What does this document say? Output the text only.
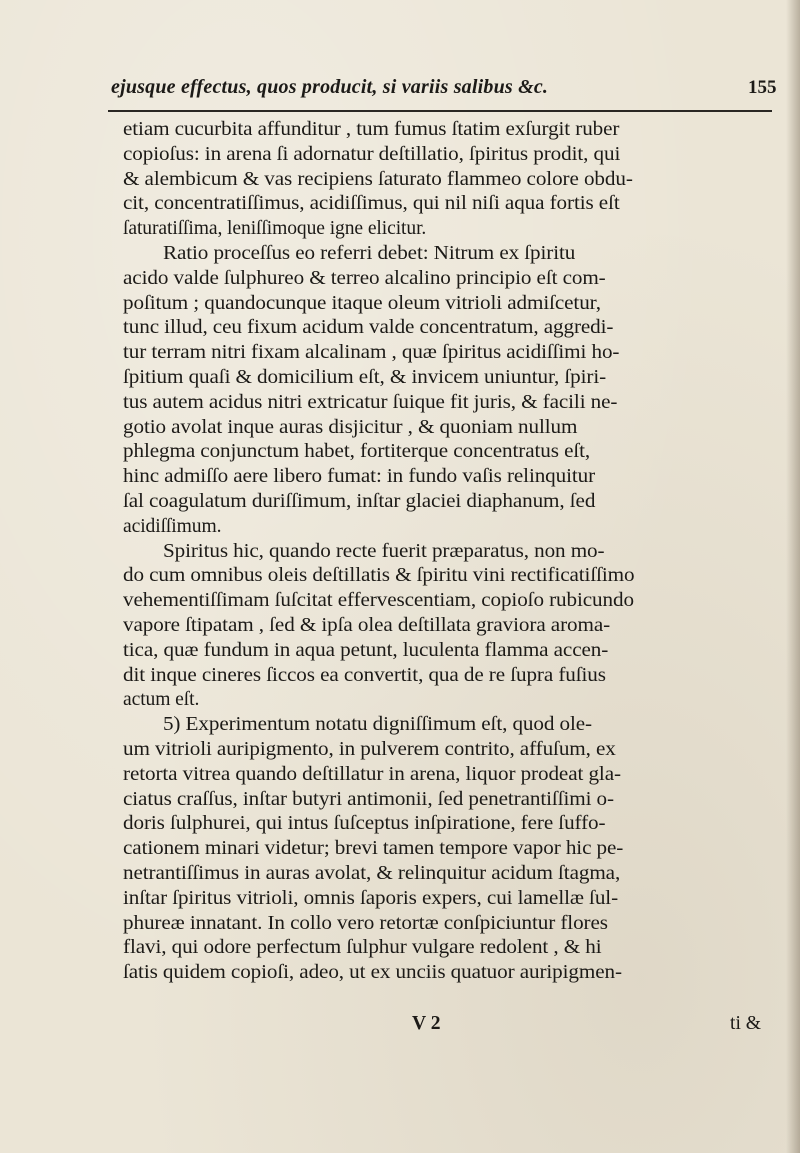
ejusque effectus, quos producit, si variis salibus &c.	155
etiam cucurbita affunditur , tum fumus ſtatim exſurgit ruber
copioſus: in arena ſi adornatur deſtillatio, ſpiritus prodit, qui
& alembicum & vas recipiens ſaturato flammeo colore obdu-
cit, concentratiſſimus, acidiſſimus, qui nil niſi aqua fortis eſt
ſaturatiſſima, leniſſimoque igne elicitur.
Ratio proceſſus eo referri debet: Nitrum ex ſpiritu
acido valde ſulphureo & terreo alcalino principio eſt com-
poſitum ; quandocunque itaque oleum vitrioli admiſcetur,
tunc illud, ceu fixum acidum valde concentratum, aggredi-
tur terram nitri fixam alcalinam , quæ ſpiritus acidiſſimi ho-
ſpitium quaſi & domicilium eſt, & invicem uniuntur, ſpiri-
tus autem acidus nitri extricatur ſuique fit juris, & facili ne-
gotio avolat inque auras disjicitur , & quoniam nullum
phlegma conjunctum habet, fortiterque concentratus eſt,
hinc admiſſo aere libero fumat: in fundo vaſis relinquitur
ſal coagulatum duriſſimum, inſtar glaciei diaphanum, ſed
acidiſſimum.
Spiritus hic, quando recte fuerit præparatus, non mo-
do cum omnibus oleis deſtillatis & ſpiritu vini rectificatiſſimo
vehementiſſimam ſuſcitat effervescentiam, copioſo rubicundo
vapore ſtipatam , ſed & ipſa olea deſtillata graviora aroma-
tica, quæ fundum in aqua petunt, luculenta flamma accen-
dit inque cineres ſiccos ea convertit, qua de re ſupra fuſius
actum eſt.
5) Experimentum notatu digniſſimum eſt, quod ole-
um vitrioli auripigmento, in pulverem contrito, affuſum, ex
retorta vitrea quando deſtillatur in arena, liquor prodeat gla-
ciatus craſſus, inſtar butyri antimonii, ſed penetrantiſſimi o-
doris ſulphurei, qui intus ſuſceptus inſpiratione, fere ſuffo-
cationem minari videtur; brevi tamen tempore vapor hic pe-
netrantiſſimus in auras avolat, & relinquitur acidum ſtagma,
inſtar ſpiritus vitrioli, omnis ſaporis expers, cui lamellæ ſul-
phureæ innatant. In collo vero retortæ conſpiciuntur flores
flavi, qui odore perfectum ſulphur vulgare redolent , & hi
ſatis quidem copioſi, adeo, ut ex unciis quatuor auripigmen-
V 2	ti &
